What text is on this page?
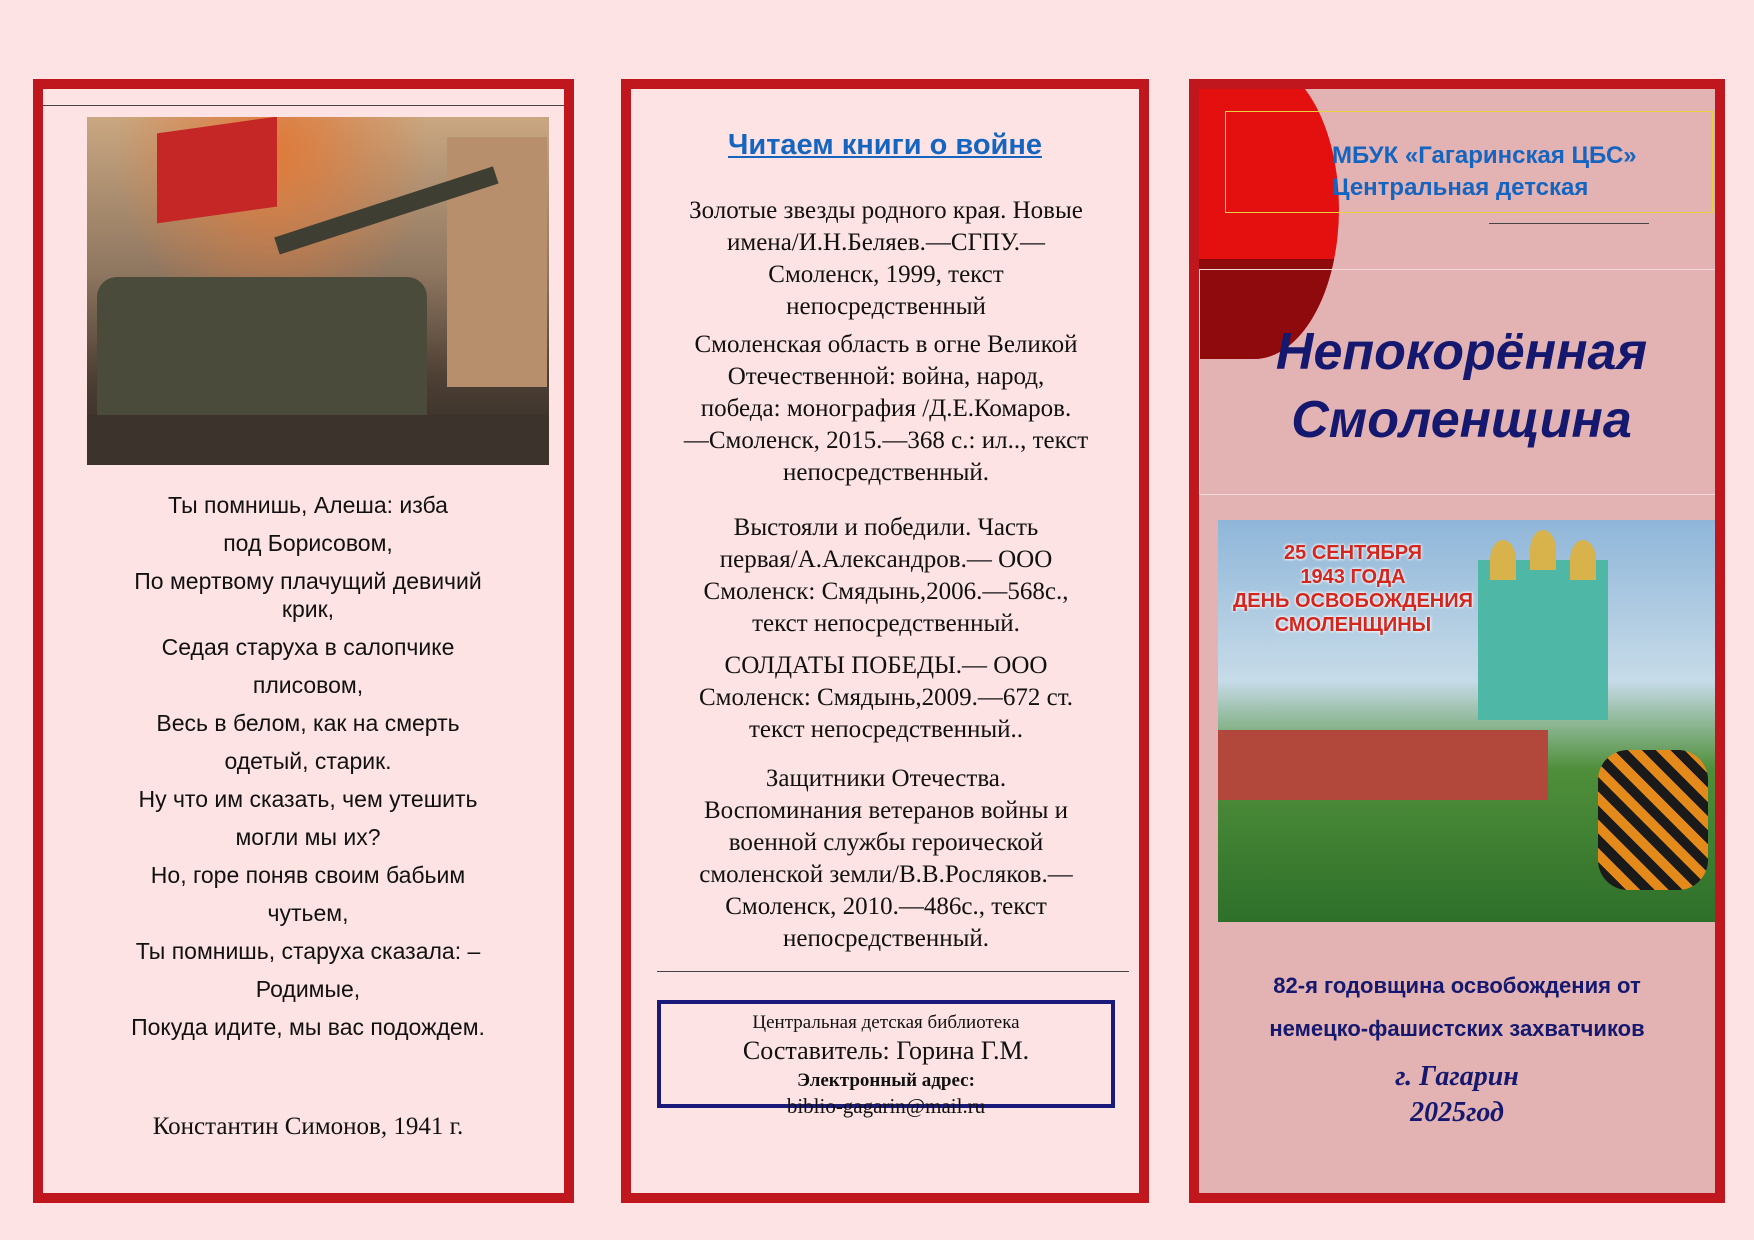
Ты помнишь, Алеша: изба
под Борисовом,
По мертвому плачущий девичий
крик,
Седая старуха в салопчике
плисовом,
Весь в белом, как на смерть
одетый, старик.
Ну что им сказать, чем утешить
могли мы их?
Но, горе поняв своим бабьим
чутьем,
Ты помнишь, старуха сказала: –
Родимые,
Покуда идите, мы вас подождем.
Константин Симонов, 1941 г.
Читаем книги о войне
Золотые звезды родного края. Новые
имена/И.Н.Беляев.—СГПУ.—
Смоленск, 1999, текст
непосредственный
Смоленская область в огне Великой
Отечественной: война, народ,
победа: монография /Д.Е.Комаров.
—Смоленск, 2015.—368 с.: ил.., текст
непосредственный.
Выстояли и победили. Часть
первая/А.Александров.— ООО
Смоленск: Смядынь,2006.—568с.,
текст непосредственный.
СОЛДАТЫ ПОБЕДЫ.— ООО
Смоленск: Смядынь,2009.—672 ст.
текст непосредственный..
Защитники Отечества.
Воспоминания ветеранов войны и
военной службы героической
смоленской земли/В.В.Росляков.—
Смоленск, 2010.—486с., текст
непосредственный.
Центральная детская библиотека
Составитель: Горина Г.М.
Электронный адрес:
biblio-gagarin@mail.ru
МБУК «Гагаринская ЦБС»
Центральная детская
Непокорённая
Смоленщина
25 СЕНТЯБРЯ
1943 ГОДА
ДЕНЬ ОСВОБОЖДЕНИЯ
СМОЛЕНЩИНЫ
82-я годовщина освобождения от
немецко-фашистских захватчиков
г. Гагарин
2025год
